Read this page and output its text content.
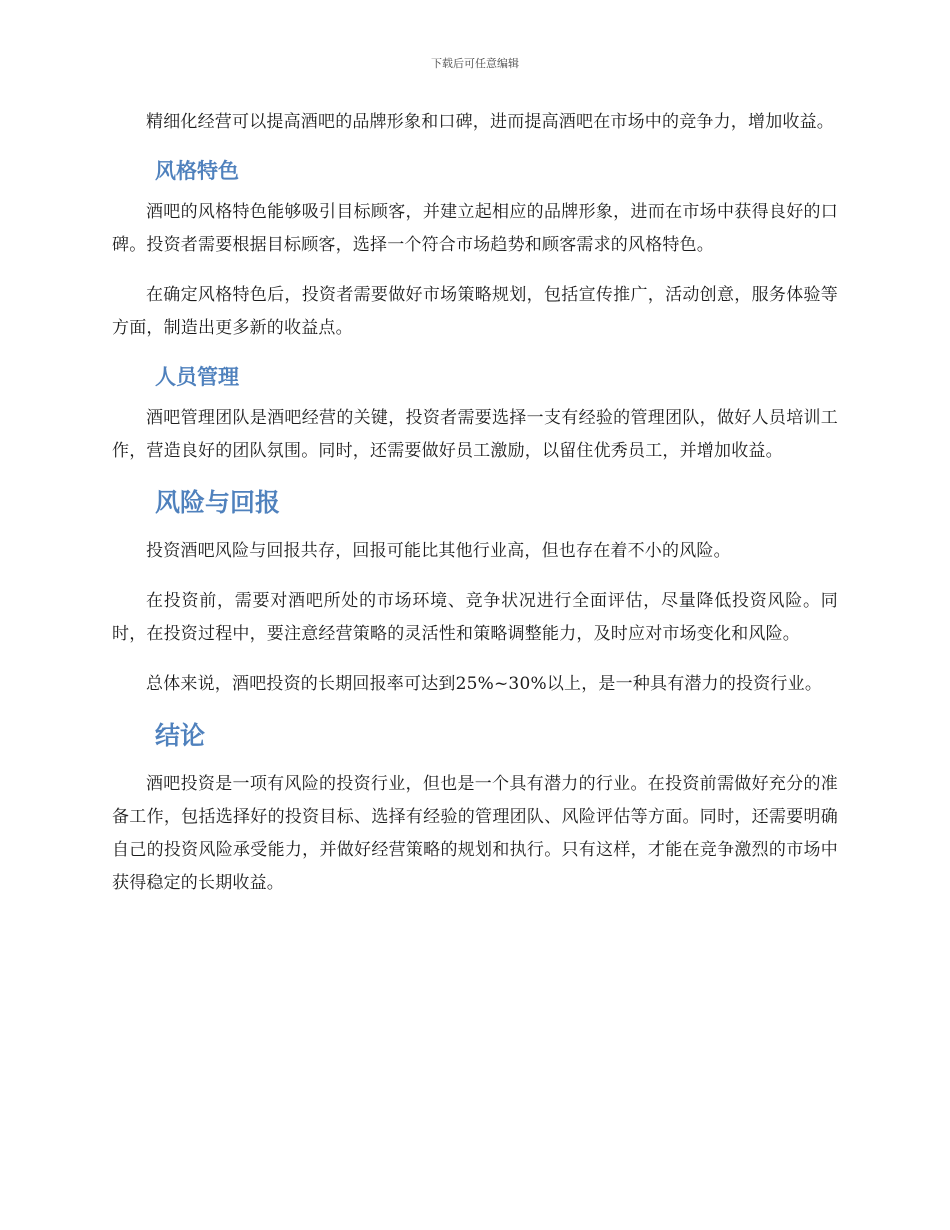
下载后可任意编辑

精细化经营可以提高酒吧的品牌形象和口碑，进而提高酒吧在市场中的竞争力，增加收益。

风格特色

酒吧的风格特色能够吸引目标顾客，并建立起相应的品牌形象，进而在市场中获得良好的口碑。投资者需要根据目标顾客，选择一个符合市场趋势和顾客需求的风格特色。

在确定风格特色后，投资者需要做好市场策略规划，包括宣传推广，活动创意，服务体验等方面，制造出更多新的收益点。

人员管理

酒吧管理团队是酒吧经营的关键，投资者需要选择一支有经验的管理团队，做好人员培训工作，营造良好的团队氛围。同时，还需要做好员工激励，以留住优秀员工，并增加收益。

风险与回报

投资酒吧风险与回报共存，回报可能比其他行业高，但也存在着不小的风险。

在投资前，需要对酒吧所处的市场环境、竞争状况进行全面评估，尽量降低投资风险。同时，在投资过程中，要注意经营策略的灵活性和策略调整能力，及时应对市场变化和风险。

总体来说，酒吧投资的长期回报率可达到25%~30%以上，是一种具有潜力的投资行业。

结论

酒吧投资是一项有风险的投资行业，但也是一个具有潜力的行业。在投资前需做好充分的准备工作，包括选择好的投资目标、选择有经验的管理团队、风险评估等方面。同时，还需要明确自己的投资风险承受能力，并做好经营策略的规划和执行。只有这样，才能在竞争激烈的市场中获得稳定的长期收益。
